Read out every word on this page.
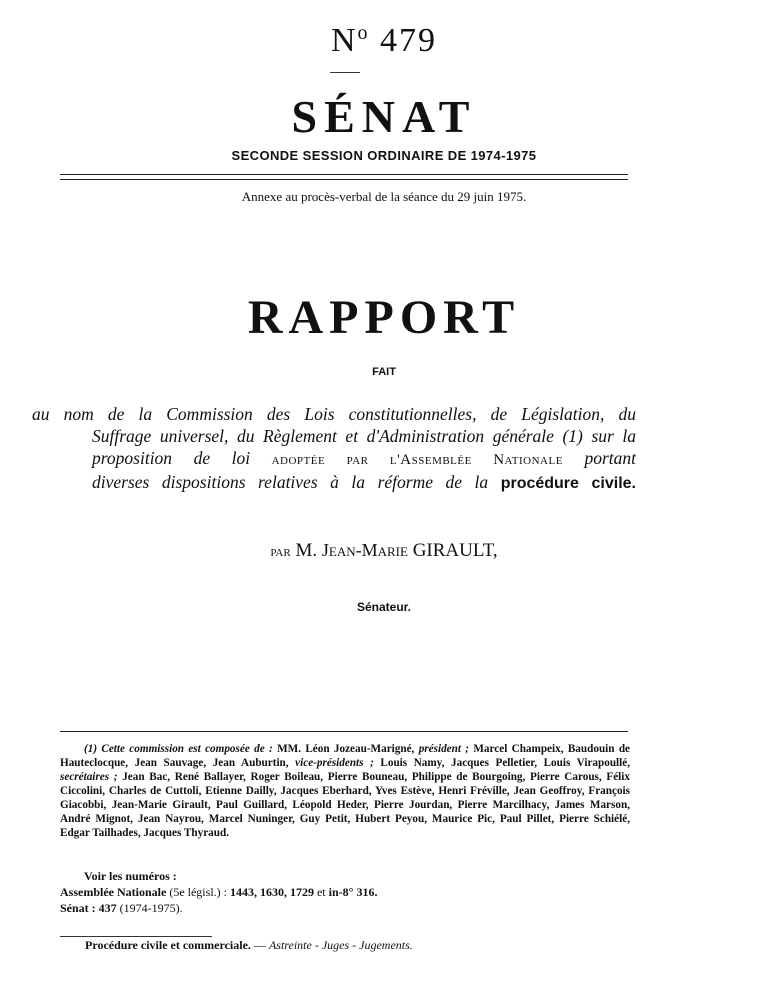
$N^o$ 479
SÉNAT
SECONDE SESSION ORDINAIRE DE 1974-1975
Annexe au procès-verbal de la séance du 29 juin 1975.
RAPPORT
FAIT
au nom de la Commission des Lois constitutionnelles, de Législation, du
Suffrage universel, du Règlement et d'Administration générale (1) sur la
proposition de loi adoptée par l'Assemblée Nationale portant
diverses dispositions relatives à la réforme de la procédure civile.
par M. Jean-Marie GIRAULT,
Sénateur.
(1) Cette commission est composée de : MM. Léon Jozeau-Marigné, président ; Marcel Champeix, Baudouin de Hauteclocque, Jean Sauvage, Jean Auburtin, vice-présidents ; Louis Namy, Jacques Pelletier, Louis Virapoullé, secrétaires ; Jean Bac, René Ballayer, Roger Boileau, Pierre Bouneau, Philippe de Bourgoing, Pierre Carous, Félix Ciccolini, Charles de Cuttoli, Etienne Dailly, Jacques Eberhard, Yves Estève, Henri Fréville, Jean Geoffroy, François Giacobbi, Jean-Marie Girault, Paul Guillard, Léopold Heder, Pierre Jourdan, Pierre Marcilhacy, James Marson, André Mignot, Jean Nayrou, Marcel Nuninger, Guy Petit, Hubert Peyou, Maurice Pic, Paul Pillet, Pierre Schiélé, Edgar Tailhades, Jacques Thyraud.
Voir les numéros :
Assemblée Nationale (5e législ.) : 1443, 1630, 1729 et in-8° 316.
Sénat : 437 (1974-1975).
Procédure civile et commerciale. — Astreinte - Juges - Jugements.
